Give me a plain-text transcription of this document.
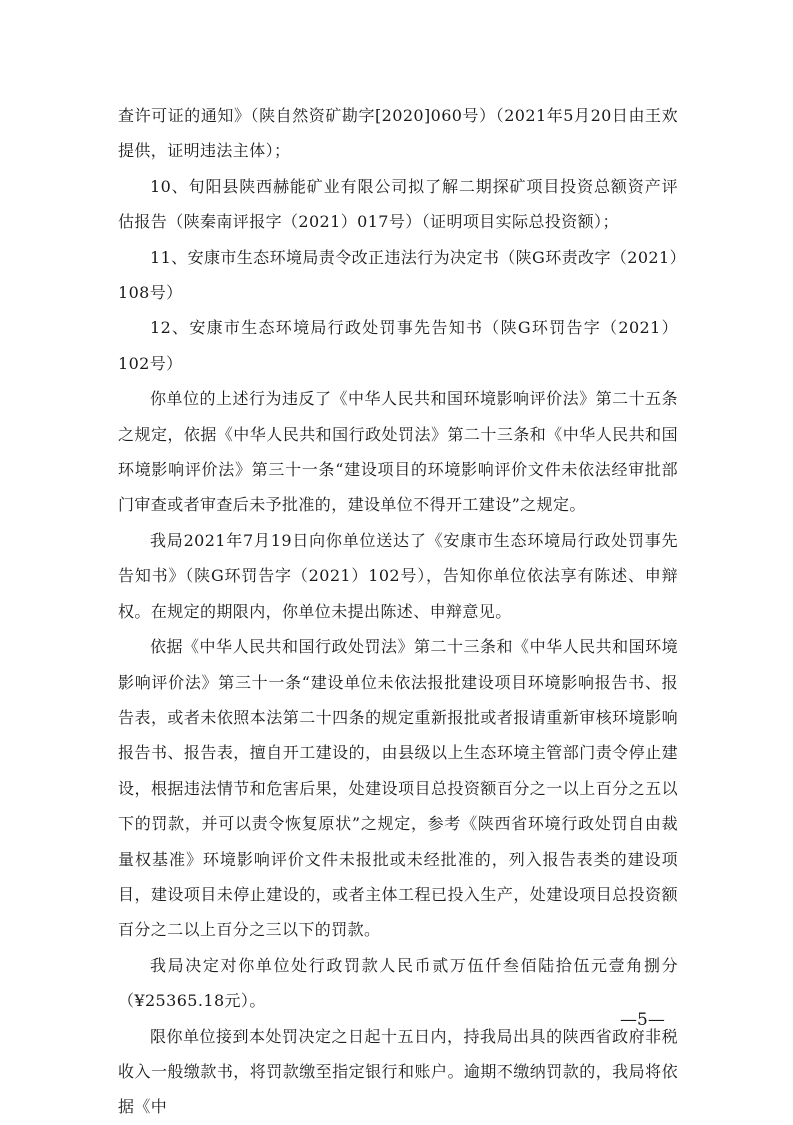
查许可证的通知》（陕自然资矿勘字[2020]060号）（2021年5月20日由王欢提供，证明违法主体）；

10、旬阳县陕西赫能矿业有限公司拟了解二期探矿项目投资总额资产评估报告（陕秦南评报字（2021）017号）（证明项目实际总投资额）；

11、安康市生态环境局责令改正违法行为决定书（陕G环责改字（2021）108号）

12、安康市生态环境局行政处罚事先告知书（陕G环罚告字（2021）102号）

你单位的上述行为违反了《中华人民共和国环境影响评价法》第二十五条之规定，依据《中华人民共和国行政处罚法》第二十三条和《中华人民共和国环境影响评价法》第三十一条“建设项目的环境影响评价文件未依法经审批部门审查或者审查后未予批准的，建设单位不得开工建设”之规定。

我局2021年7月19日向你单位送达了《安康市生态环境局行政处罚事先告知书》（陕G环罚告字（2021）102号），告知你单位依法享有陈述、申辩权。在规定的期限内，你单位未提出陈述、申辩意见。

依据《中华人民共和国行政处罚法》第二十三条和《中华人民共和国环境影响评价法》第三十一条“建设单位未依法报批建设项目环境影响报告书、报告表，或者未依照本法第二十四条的规定重新报批或者报请重新审核环境影响报告书、报告表，擅自开工建设的，由县级以上生态环境主管部门责令停止建设，根据违法情节和危害后果，处建设项目总投资额百分之一以上百分之五以下的罚款，并可以责令恢复原状”之规定，参考《陕西省环境行政处罚自由裁量权基准》环境影响评价文件未报批或未经批准的，列入报告表类的建设项目，建设项目未停止建设的，或者主体工程已投入生产，处建设项目总投资额百分之二以上百分之三以下的罚款。

我局决定对你单位处行政罚款人民币贰万伍仟叁佰陆拾伍元壹角捌分（¥25365.18元）。

限你单位接到本处罚决定之日起十五日内，持我局出具的陕西省政府非税收入一般缴款书，将罚款缴至指定银行和账户。逾期不缴纳罚款的，我局将依据《中

—5—
